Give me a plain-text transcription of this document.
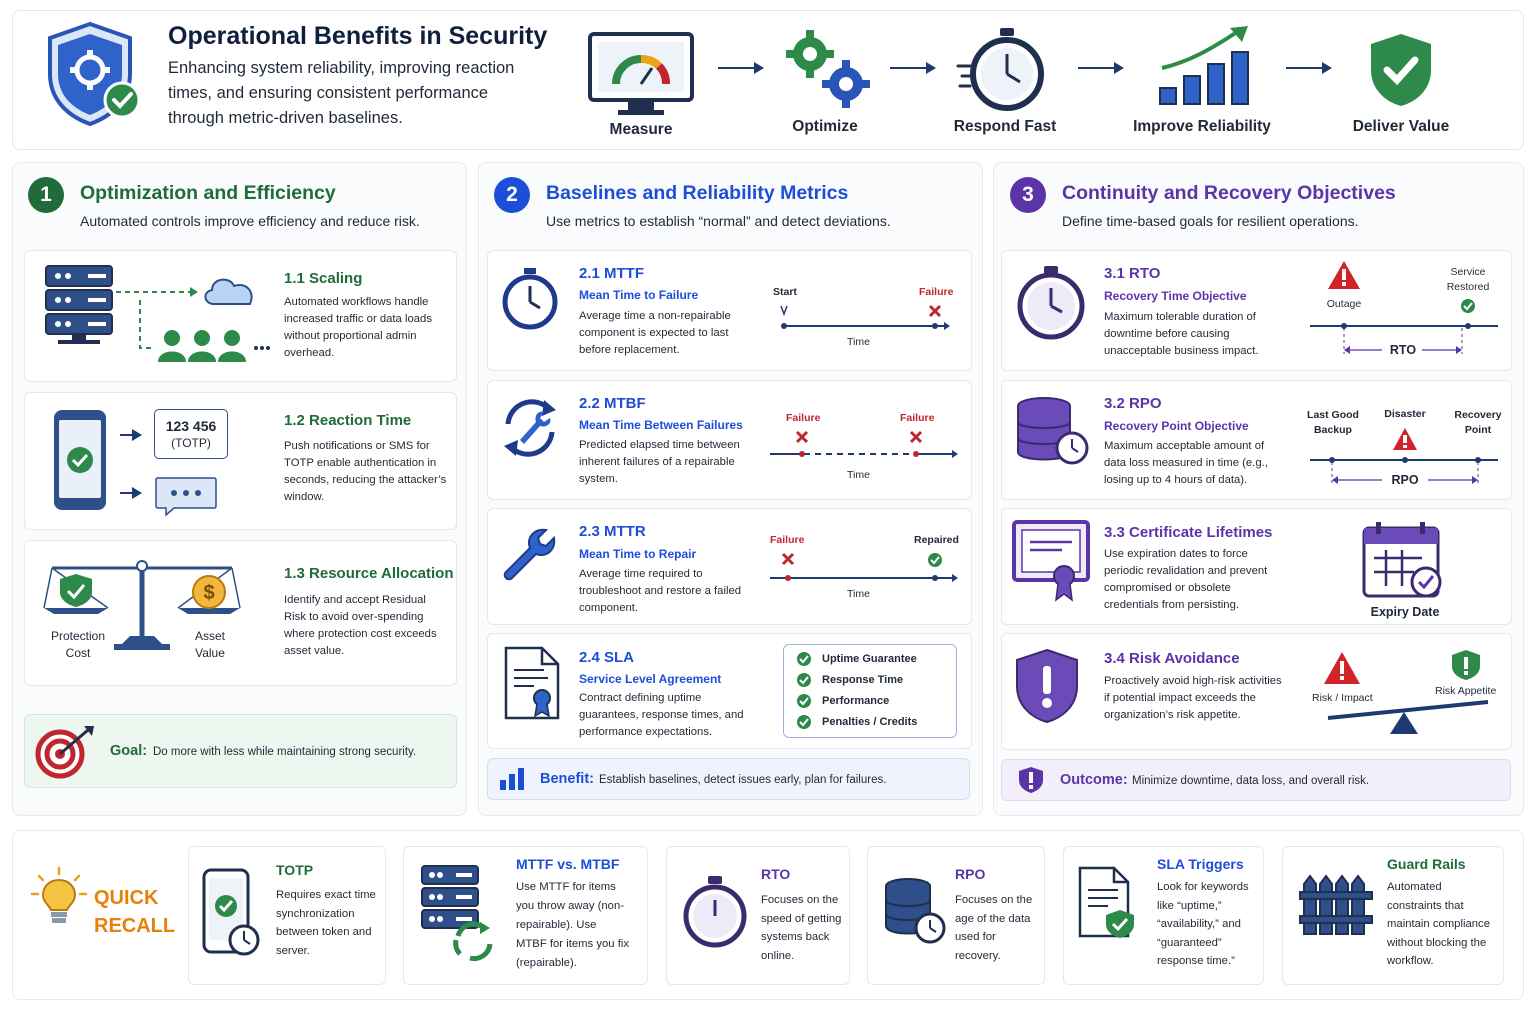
Operational Benefits in Security
Enhancing system reliability, improving reaction times, and ensuring consistent performance through metric-driven baselines.
Measure	Optimize	Respond Fast	Improve Reliability	Deliver Value
1	Optimization and Efficiency
Automated controls improve efficiency and reduce risk.
1.1 Scaling
Automated workflows handle increased traffic or data loads without proportional admin overhead.
123 456
(TOTP)
1.2 Reaction Time
Push notifications or SMS for TOTP enable authentication in seconds, reducing the attacker’s window.
$
Protection Cost
Asset Value
1.3 Resource Allocation
Identify and accept Residual Risk to avoid over-spending where protection cost exceeds asset value.
Goal: Do more with less while maintaining strong security.
2	Baselines and Reliability Metrics
Use metrics to establish “normal” and detect deviations.
2.1 MTTF
Mean Time to Failure
Average time a non-repairable component is expected to last before replacement.
Start	Failure
Time
2.2 MTBF
Mean Time Between Failures
Predicted elapsed time between inherent failures of a repairable system.
Failure	Failure
Time
2.3 MTTR
Mean Time to Repair
Average time required to troubleshoot and restore a failed component.
Failure	Repaired
Time
2.4 SLA
Service Level Agreement
Contract defining uptime guarantees, response times, and performance expectations.
Uptime Guarantee
Response Time
Performance
Penalties / Credits
Benefit: Establish baselines, detect issues early, plan for failures.
3	Continuity and Recovery Objectives
Define time-based goals for resilient operations.
3.1 RTO
Recovery Time Objective
Maximum tolerable duration of downtime before causing unacceptable business impact.
Outage
Service Restored
RTO
3.2 RPO
Recovery Point Objective
Maximum acceptable amount of data loss measured in time (e.g., losing up to 4 hours of data).
Last Good Backup
Disaster	Recovery Point
RPO
3.3 Certificate Lifetimes
Use expiration dates to force periodic revalidation and prevent compromised or obsolete credentials from persisting.	Expiry Date
3.4 Risk Avoidance
Proactively avoid high-risk activities if potential impact exceeds the organization’s risk appetite.
Risk / Impact
Risk Appetite
Outcome: Minimize downtime, data loss, and overall risk.
QUICK
RECALL
TOTP
Requires exact time synchronization between token and server.
MTTF vs. MTBF
Use MTTF for items you throw away (non-repairable). Use MTBF for items you fix (repairable).
RTO
Focuses on the speed of getting systems back online.
RPO
Focuses on the age of the data used for recovery.
SLA Triggers
Look for keywords like “uptime,” “availability,” and “guaranteed” response time.”
Guard Rails
Automated constraints that maintain compliance without blocking the workflow.
